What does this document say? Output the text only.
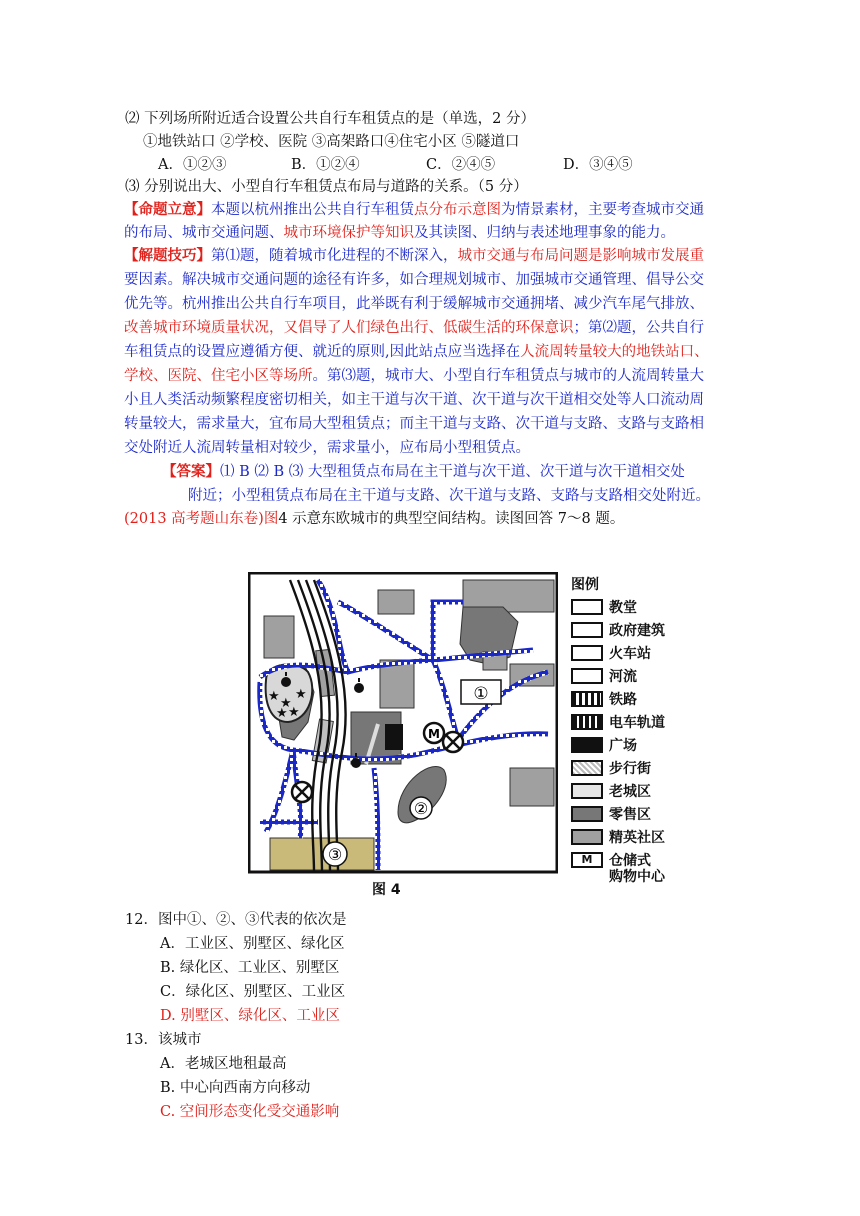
⑵ 下列场所附近适合设置公共自行车租赁点的是（单选，2 分）
①地铁站口 ②学校、医院 ③高架路口④住宅小区 ⑤隧道口
A．①②③	B．①②④	C．②④⑤	D．③④⑤
⑶ 分别说出大、小型自行车租赁点布局与道路的关系。（5 分）
【命题立意】本题以杭州推出公共自行车租赁点分布示意图为情景素材，主要考查城市交通
的布局、城市交通问题、城市环境保护等知识及其读图、归纳与表述地理事象的能力。
【解题技巧】第⑴题，随着城市化进程的不断深入，城市交通与布局问题是影响城市发展重
要因素。解决城市交通问题的途径有许多，如合理规划城市、加强城市交通管理、倡导公交
优先等。杭州推出公共自行车项目，此举既有利于缓解城市交通拥堵、减少汽车尾气排放、
改善城市环境质量状况，又倡导了人们绿色出行、低碳生活的环保意识；第⑵题，公共自行
车租赁点的设置应遵循方便、就近的原则,因此站点应当选择在人流周转量较大的地铁站口、
学校、医院、住宅小区等场所。第⑶题，城市大、小型自行车租赁点与城市的人流周转量大
小且人类活动频繁程度密切相关，如主干道与次干道、次干道与次干道相交处等人口流动周
转量较大，需求量大，宜布局大型租赁点；而主干道与支路、次干道与支路、支路与支路相
交处附近人流周转量相对较少，需求量小，应布局小型租赁点。
【答案】⑴ B ⑵ B ⑶ 大型租赁点布局在主干道与次干道、次干道与次干道相交处
附近；小型租赁点布局在主干道与支路、次干道与支路、支路与支路相交处附近。
(2013 高考题山东卷)图4 示意东欧城市的典型空间结构。读图回答 7～8 题。
★ ★
★
★ ★
M
①
②
③
图例
教堂
政府建筑
火车站
河流
铁路
电车轨道
广场
步行街
老城区
零售区
精英社区
M	仓储式
购物中心
图 4
12．图中①、②、③代表的依次是
A．工业区、别墅区、绿化区
B. 绿化区、工业区、别墅区
C．绿化区、别墅区、工业区
D. 别墅区、绿化区、工业区
13．该城市
A．老城区地租最高
B. 中心向西南方向移动
C. 空间形态变化受交通影响
